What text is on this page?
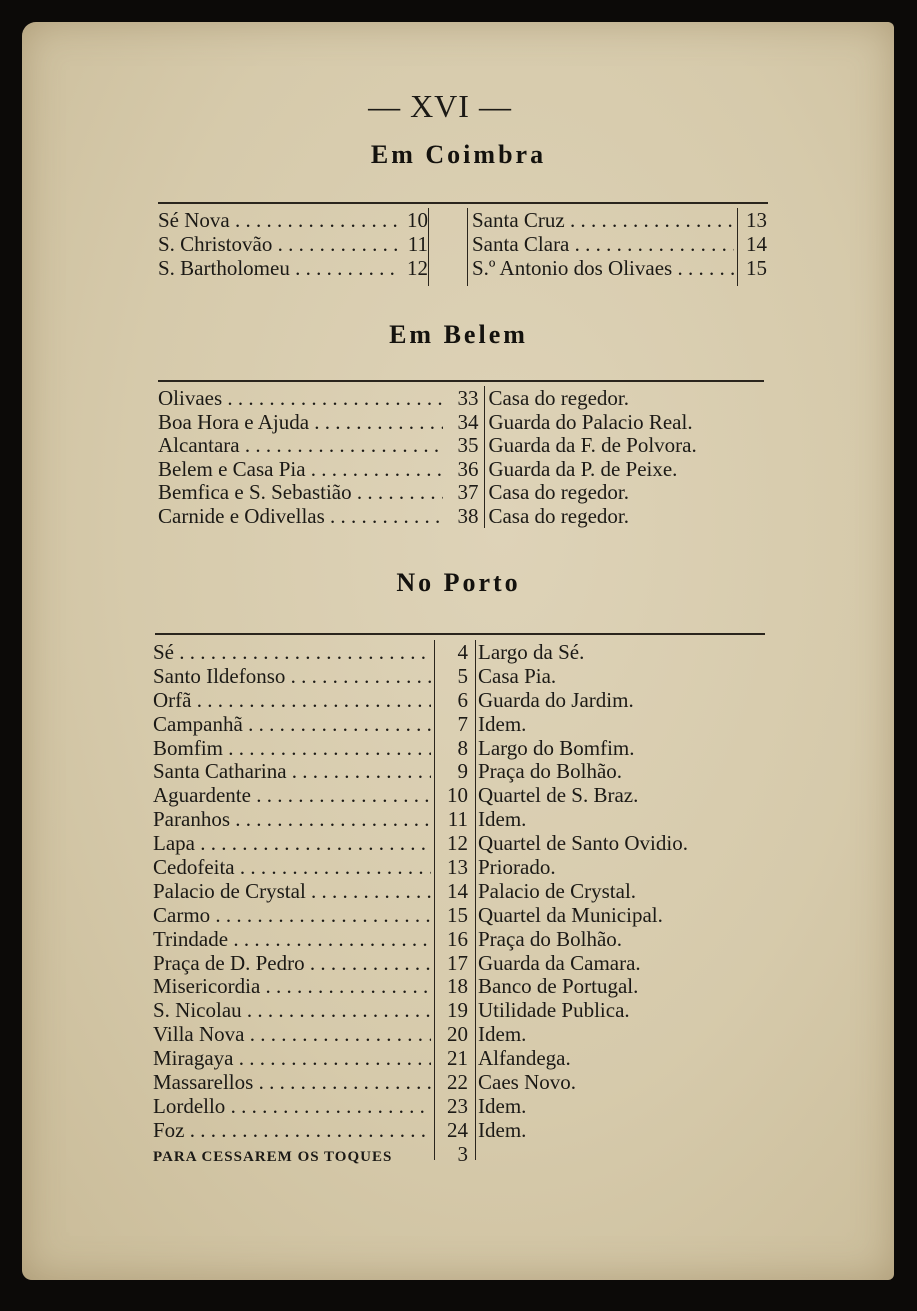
— XVI —
Em Coimbra
Sé Nova . . .	10
S. Christovão . . .	11
S. Bartholomeu . . .	12
Santa Cruz . . .	13
Santa Clara . . .	14
S.º Antonio dos Olivaes . . .	15
Em Belem
Olivaes . . .	33 Casa do regedor.
Boa Hora e Ajuda . . .	34 Guarda do Palacio Real.
Alcantara . . .	35 Guarda da F. de Polvora.
Belem e Casa Pia . . .	36 Guarda da P. de Peixe.
Bemfica e S. Sebastião . . .	37 Casa do regedor.
Carnide e Odivellas . . .	38 Casa do regedor.
No Porto
Sé . . .	4 Largo da Sé.
Santo Ildefonso . . .	5 Casa Pia.
Orfã . . .	6 Guarda do Jardim.
Campanhã . . .	7 Idem.
Bomfim . . .	8 Largo do Bomfim.
Santa Catharina . . .	9 Praça do Bolhão.
Aguardente . . .	10 Quartel de S. Braz.
Paranhos . . .	11 Idem.
Lapa . . .	12 Quartel de Santo Ovidio.
Cedofeita . . .	13 Priorado.
Palacio de Crystal . . .	14 Palacio de Crystal.
Carmo . . .	15 Quartel da Municipal.
Trindade . . .	16 Praça do Bolhão.
Praça de D. Pedro . . .	17 Guarda da Camara.
Misericordia . . .	18 Banco de Portugal.
S. Nicolau . . .	19 Utilidade Publica.
Villa Nova . . .	20 Idem.
Miragaya . . .	21 Alfandega.
Massarellos . . .	22 Caes Novo.
Lordello . . .	23 Idem.
Foz . . .	24 Idem.
PARA CESSAREM OS TOQUES	3
